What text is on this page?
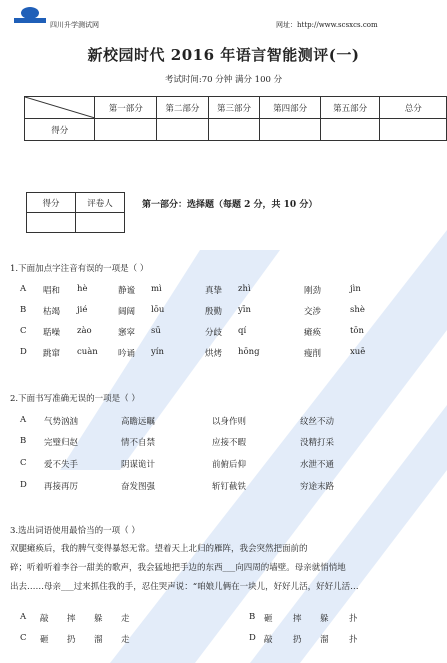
四川升学测试网	网址：http://www.scsxcs.com
新校园时代 2016 年语言智能测评(一)
考试时间:70 分钟 满分 100 分
	第一部分	第二部分	第三部分	第四部分	第五部分	总分
得分						
得分	评卷人
		第一部分：选择题（每题 2 分，共 10 分）
1.下面加点字注音有误的一项是（ ）
A 唱和 hè	静谧 mì	真挚 zhì	刚劲	jìn
B 枯竭 jié	阔阔 lōu	殷勤 yīn	交涉	shè
C 聒噪 zào	窸窣 sū	分歧 qí	瘫痪	tōn
D 跳窜 cuàn 吟诵 yín	烘烤 hōng	瘦削	xuē
2.下面书写准确无误的一项是（ ）
A 气势汹汹	高瞻远瞩	以身作则	纹丝不动
B 完璧归赵	情不自禁	应接不暇	没精打采
C 爱不失手	阴谋诡计	前俯后仰	水泄不通
D 再接再厉	奋发图强	斩钉截铁	穷途末路
3.选出词语使用最恰当的一项（ ）
双腿瘫痪后，我的脾气变得暴怒无常。望着天上北归的雁阵，我会突然把面前的
碎；听着听着李谷一甜美的歌声，我会猛地把手边的东西___向四周的墙壁。母亲就悄悄地
出去……母亲___过来抓住我的手，忍住哭声说：“咱娘儿俩在一块儿，好好儿活，好好儿活…
A 敲 摔 躲 走	B 砸 摔 躲 扑
C 砸 扔 溜 走	D 敲 扔 溜 扑
